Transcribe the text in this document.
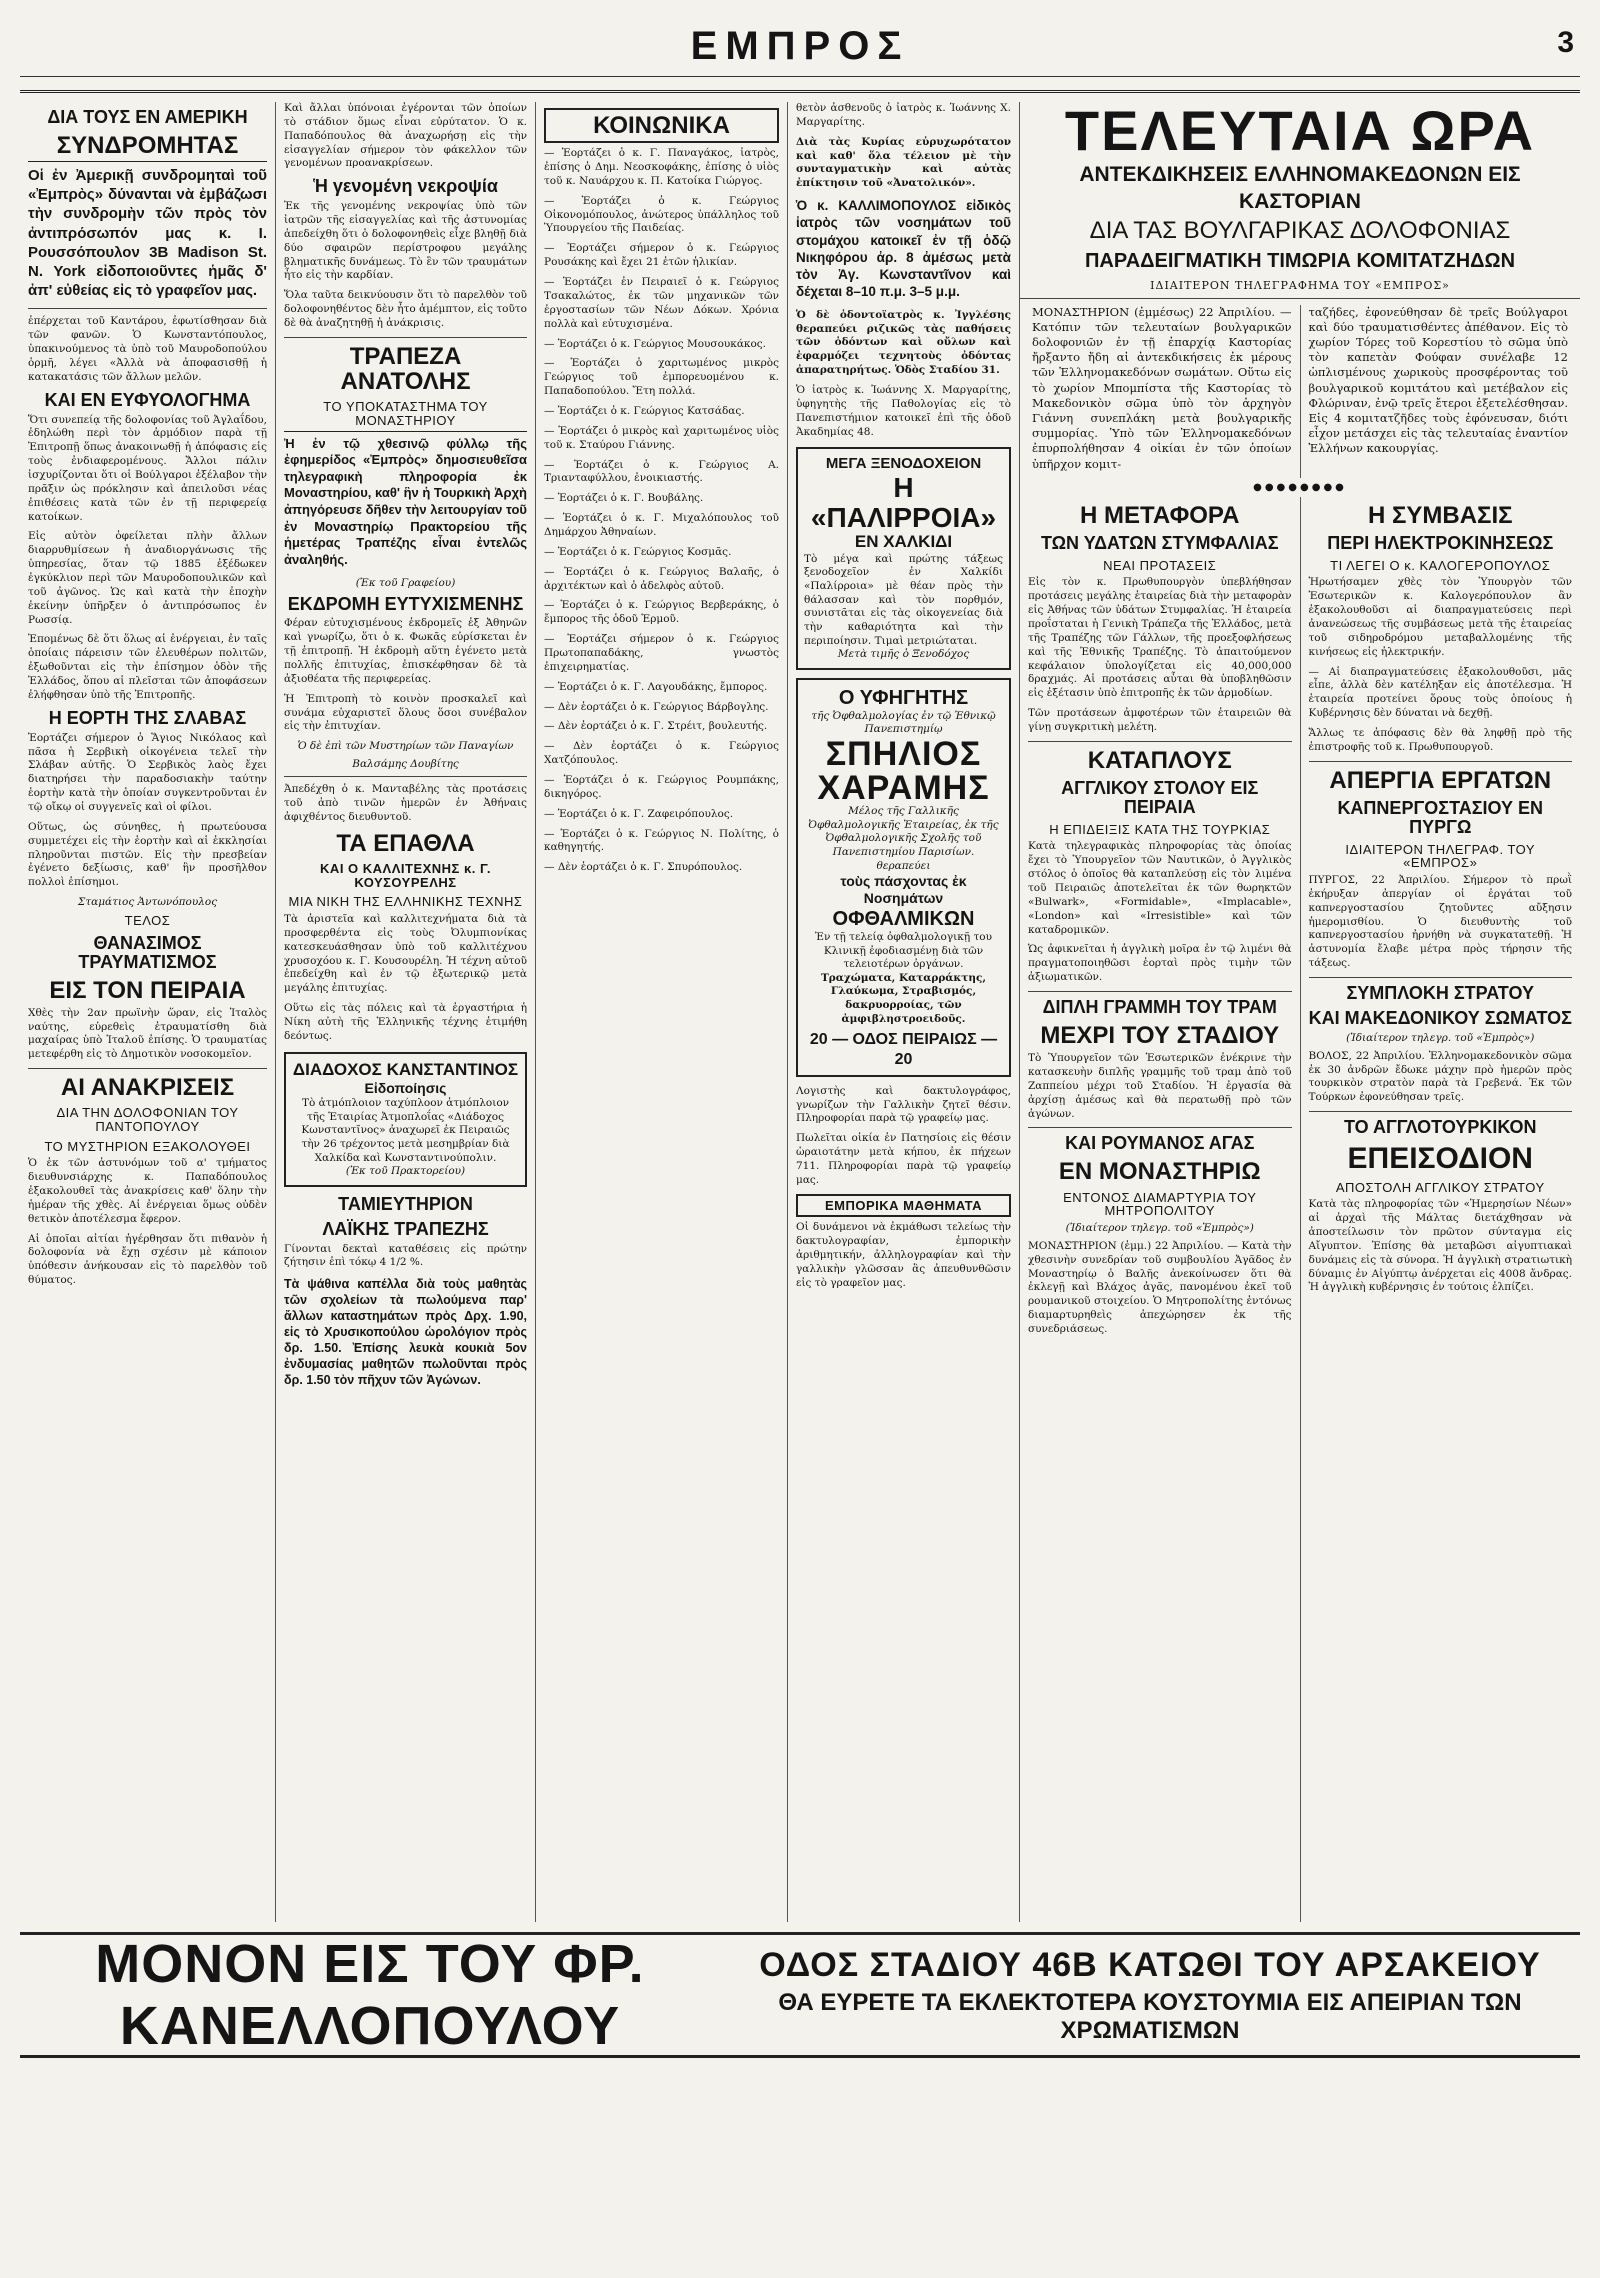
ΕΜΠΡΟΣ	3
ΔΙΑ ΤΟΥΣ ΕΝ ΑΜΕΡΙΚΗ
ΣΥΝΔΡΟΜΗΤΑΣ

Οἱ ἐν Ἀμερικῇ συνδρομηταὶ τοῦ «Ἐμπρὸς» δύνανται νὰ ἐμβάζωσι τὴν συνδρομὴν τῶν πρὸς τὸν ἀντιπρόσωπόν μας κ. Ι. Ρουσσόπουλον 3Β Madison St. N. York εἰδοποιοῦντες ἡμᾶς δ' ἀπ' εὐθείας εἰς τὸ γραφεῖον μας.

ἐπέρχεται τοῦ Καντάρου, ἐφωτίσθησαν διὰ τῶν φανῶν. Ὁ Κωνσταντόπουλος, ὑπακινούμενος τὰ ὑπὸ τοῦ Μαυροδοπούλου ὁρμῆ, λέγει «Ἀλλὰ νὰ ἀποφασισθῇ ἡ κατακατάσις τῶν ἄλλων μελῶν.

ΚΑΙ ΕΝ ΕΥΦΥΟΛΟΓΗΜΑ

Ὅτι συνεπείᾳ τῆς δολοφονίας τοῦ Ἀγλαΐδου, ἐδηλώθη περὶ τὸν ἀρμόδιον παρὰ τῇ Ἐπιτροπῇ ὅπως ἀνακοινωθῇ ἡ ἀπόφασις εἰς τοὺς ἐνδιαφερομένους. Ἄλλοι πάλιν ἰσχυρίζονται ὅτι οἱ Βούλγαροι ἐξέλαβον τὴν πρᾶξιν ὡς πρόκλησιν καὶ ἀπειλοῦσι νέας ἐπιθέσεις κατὰ τῶν ἐν τῇ περιφερείᾳ κατοίκων.

Εἰς αὐτὸν ὀφείλεται πλὴν ἄλλων διαρρυθμίσεων ἡ ἀναδιοργάνωσις τῆς ὑπηρεσίας, ὅταν τῷ 1885 ἐξέδωκεν ἐγκύκλιον περὶ τῶν Μαυροδοπουλικῶν καὶ τοῦ ἀγῶνος. Ὡς καὶ κατὰ τὴν ἐποχὴν ἐκείνην ὑπῆρξεν ὁ ἀντιπρόσωπος ἐν Ρωσσίᾳ.

Ἐπομένως δὲ ὅτι ὅλως αἱ ἐνέργειαι, ἐν ταῖς ὁποίαις πάρεισιν τῶν ἐλευθέρων πολιτῶν, ἐξωθοῦνται εἰς τὴν ἐπίσημον ὁδὸν τῆς Ἐλλάδος, ὅπου αἱ πλεῖσται τῶν ἀποφάσεων ἐλήφθησαν ὑπὸ τῆς Ἐπιτροπῆς.

Η ΕΟΡΤΗ ΤΗΣ ΣΛΑΒΑΣ

Ἑορτάζει σήμερον ὁ Ἅγιος Νικόλαος καὶ πᾶσα ἡ Σερβικὴ οἰκογένεια τελεῖ τὴν Σλάβαν αὐτῆς. Ὁ Σερβικὸς λαὸς ἔχει διατηρήσει τὴν παραδοσιακὴν ταύτην ἑορτὴν κατὰ τὴν ὁποίαν συγκεντροῦνται ἐν τῷ οἴκῳ οἱ συγγενεῖς καὶ οἱ φίλοι.

Οὕτως, ὡς σύνηθες, ἡ πρωτεύουσα συμμετέχει εἰς τὴν ἑορτὴν καὶ αἱ ἐκκλησίαι πληροῦνται πιστῶν. Εἰς τὴν πρεσβείαν ἐγένετο δεξίωσις, καθ' ἣν προσῆλθον πολλοὶ ἐπίσημοι.

Σταμάτιος Ἀντωνόπουλος
ΤΕΛΟΣ
ΘΑΝΑΣΙΜΟΣ ΤΡΑΥΜΑΤΙΣΜΟΣ
ΕΙΣ ΤΟΝ ΠΕΙΡΑΙΑ

Χθὲς τὴν 2αν πρωϊνὴν ὥραν, εἰς Ἰταλὸς ναύτης, εὑρεθεὶς ἐτραυματίσθη διὰ μαχαίρας ὑπὸ Ἰταλοῦ ἐπίσης. Ὁ τραυματίας μετεφέρθη εἰς τὸ Δημοτικὸν νοσοκομεῖον.

ΑΙ ΑΝΑΚΡΙΣΕΙΣ
ΔΙΑ ΤΗΝ ΔΟΛΟΦΟΝΙΑΝ ΤΟΥ ΠΑΝΤΟΠΟΥΛΟΥ
ΤΟ ΜΥΣΤΗΡΙΟΝ ΕΞΑΚΟΛΟΥΘΕΙ

Ὁ ἐκ τῶν ἀστυνόμων τοῦ α' τμήματος διευθυνσιάρχης κ. Παπαδόπουλος ἐξακολουθεῖ τὰς ἀνακρίσεις καθ' ὅλην τὴν ἡμέραν τῆς χθὲς. Αἱ ἐνέργειαι ὅμως οὐδὲν θετικὸν ἀποτέλεσμα ἔφερον.

Αἱ ὁποῖαι αἰτίαι ἠγέρθησαν ὅτι πιθανὸν ἡ δολοφονία νὰ ἔχῃ σχέσιν μὲ κάποιον ὑπόθεσιν ἀνήκουσαν εἰς τὸ παρελθὸν τοῦ θύματος.

Καὶ ἄλλαι ὑπόνοιαι ἐγέρονται τῶν ὁποίων τὸ στάδιον ὅμως εἶναι εὐρύτατον. Ὁ κ. Παπαδόπουλος θὰ ἀναχωρήσῃ εἰς τὴν εἰσαγγελίαν σήμερον τὸν φάκελλον τῶν γενομένων προανακρίσεων.

Ἡ γενομένη νεκροψία

Ἐκ τῆς γενομένης νεκροψίας ὑπὸ τῶν ἰατρῶν τῆς εἰσαγγελίας καὶ τῆς ἀστυνομίας ἀπεδείχθη ὅτι ὁ δολοφονηθεὶς εἶχε βληθῇ διὰ δύο σφαιρῶν περίστροφου μεγάλης βληματικῆς δυνάμεως. Τὸ ἓν τῶν τραυμάτων ἦτο εἰς τὴν καρδίαν.

Ὅλα ταῦτα δεικνύουσιν ὅτι τὸ παρελθὸν τοῦ δολοφονηθέντος δὲν ἦτο ἀμέμπτον, εἰς τοῦτο δὲ θὰ ἀναζητηθῇ ἡ ἀνάκρισις.

ΤΡΑΠΕΖΑ ΑΝΑΤΟΛΗΣ
ΤΟ ΥΠΟΚΑΤΑΣΤΗΜΑ ΤΟΥ ΜΟΝΑΣΤΗΡΙΟΥ

Ἠ ἐν τῷ χθεσινῷ φύλλῳ τῆς ἐφημερίδος «Ἐμπρὸς» δημοσιευθεῖσα τηλεγραφικὴ πληροφορία ἐκ Μοναστηρίου, καθ' ἣν ἡ Τουρκικὴ Ἀρχὴ ἀπηγόρευσε δῆθεν τὴν λειτουργίαν τοῦ ἐν Μοναστηρίῳ Πρακτορείου τῆς ἡμετέρας Τραπέζης εἶναι ἐντελῶς ἀναληθής.

(Ἐκ τοῦ Γραφείου)
ΕΚΔΡΟΜΗ ΕΥΤΥΧΙΣΜΕΝΗΣ

Φέραν εὐτυχισμένους ἐκδρομεῖς ἐξ Ἀθηνῶν καὶ γνωρίζω, ὅτι ὁ κ. Φωκᾶς εὐρίσκεται ἐν τῇ ἐπιτροπῇ. Ἡ ἐκδρομὴ αὕτη ἐγένετο μετὰ πολλῆς ἐπιτυχίας, ἐπισκέφθησαν δὲ τὰ ἀξιοθέατα τῆς περιφερείας.

Ἡ Ἐπιτροπὴ τὸ κοινὸν προσκαλεῖ καὶ συνάμα εὐχαριστεῖ ὅλους ὅσοι συνέβαλον εἰς τὴν ἐπιτυχίαν.

Ὁ δὲ ἐπὶ τῶν Μυστηρίων τῶν Παναγίων
Βαλσάμης Δουβίτης

Ἀπεδέχθη ὁ κ. Μανταβέλης τὰς προτάσεις τοῦ ἀπὸ τινῶν ἡμερῶν ἐν Ἀθήναις ἀφιχθέντος διευθυντοῦ.

ΤΑ ΕΠΑΘΛΑ
ΚΑΙ Ο ΚΑΛΛΙΤΕΧΝΗΣ κ. Γ. ΚΟΥΣΟΥΡΕΛΗΣ
ΜΙΑ ΝΙΚΗ ΤΗΣ ΕΛΛΗΝΙΚΗΣ ΤΕΧΝΗΣ

Τὰ ἀριστεῖα καὶ καλλιτεχνήματα διὰ τὰ προσφερθέντα εἰς τοὺς Ὀλυμπιονίκας κατεσκευάσθησαν ὑπὸ τοῦ καλλιτέχνου χρυσοχόου κ. Γ. Κουσουρέλη. Ἡ τέχνη αὐτοῦ ἐπεδείχθη καὶ ἐν τῷ ἐξωτερικῷ μετὰ μεγάλης ἐπιτυχίας.

Οὕτω εἰς τὰς πόλεις καὶ τὰ ἐργαστήρια ἡ Νίκη αὐτὴ τῆς Ἑλληνικῆς τέχνης ἐτιμήθη δεόντως.

ΔΙΑΔΟΧΟΣ ΚΑΝΣΤΑΝΤΙΝΟΣ
Εἰδοποίησις
Τὸ ἀτμόπλοιον ταχύπλοον ἀτμόπλοιον τῆς Ἑταιρίας Ἀτμοπλοΐας «Διάδοχος Κωνσταντῖνος» ἀναχωρεῖ ἐκ Πειραιῶς τὴν 26 τρέχοντος μετὰ μεσημβρίαν διὰ Χαλκίδα καὶ Κωνσταντινούπολιν.
(Ἐκ τοῦ Πρακτορείου)
ΤΑΜΙΕΥΤΗΡΙΟΝ
ΛΑΪΚΗΣ ΤΡΑΠΕΖΗΣ

Γίνονται δεκταὶ καταθέσεις εἰς πρώτην ζήτησιν ἐπὶ τόκῳ 4 1/2 %.

Τὰ ψάθινα καπέλλα διὰ τοὺς μαθητὰς τῶν σχολείων τὰ πωλούμενα παρ' ἄλλων καταστημάτων πρὸς Δρχ. 1.90, εἰς τὸ Χρυσικοπούλου ὡρολόγιον πρὸς δρ. 1.50. Ἐπίσης λευκὰ κουκιὰ 5ον ἐνδυμασίας μαθητῶν πωλοῦνται πρὸς δρ. 1.50 τὸν πῆχυν τῶν Ἀγώνων.

ΚΟΙΝΩΝΙΚΑ

— Ἑορτάζει ὁ κ. Γ. Παναγάκος, ἰατρὸς, ἐπίσης ὁ Δημ. Νεοσκοφάκης, ἐπίσης ὁ υἱὸς τοῦ κ. Ναυάρχου κ. Π. Κατοίκα Γιώργος.

— Ἑορτάζει ὁ κ. Γεώργιος Οἰκονομόπουλος, ἀνώτερος ὑπάλληλος τοῦ Ὑπουργείου τῆς Παιδείας.

— Ἑορτάζει σήμερον ὁ κ. Γεώργιος Ρουσάκης καὶ ἔχει 21 ἐτῶν ἡλικίαν.

— Ἑορτάζει ἐν Πειραιεῖ ὁ κ. Γεώργιος Τσακαλώτος, ἐκ τῶν μηχανικῶν τῶν ἐργοστασίων τῶν Νέων Δόκων. Χρόνια πολλὰ καὶ εὐτυχισμένα.

— Ἑορτάζει ὁ κ. Γεώργιος Μουσουκάκος.

— Ἑορτάζει ὁ χαριτωμένος μικρὸς Γεώργιος τοῦ ἐμπορευομένου κ. Παπαδοπούλου. Ἔτη πολλά.

— Ἑορτάζει ὁ κ. Γεώργιος Κατσάδας.

— Ἑορτάζει ὁ μικρὸς καὶ χαριτωμένος υἱὸς τοῦ κ. Σταύρου Γιάννης.

— Ἑορτάζει ὁ κ. Γεώργιος Α. Τριανταφύλλου, ἐνοικιαστής.

— Ἑορτάζει ὁ κ. Γ. Βουβάλης.

— Ἑορτάζει ὁ κ. Γ. Μιχαλόπουλος τοῦ Δημάρχου Ἀθηναίων.

— Ἑορτάζει ὁ κ. Γεώργιος Κοσμᾶς.

— Ἑορτάζει ὁ κ. Γεώργιος Βαλαῆς, ὁ ἀρχιτέκτων καὶ ὁ ἀδελφὸς αὐτοῦ.

— Ἑορτάζει ὁ κ. Γεώργιος Βερβεράκης, ὁ ἔμπορος τῆς ὁδοῦ Ἑρμοῦ.

— Ἑορτάζει σήμερον ὁ κ. Γεώργιος Πρωτοπαπαδάκης, γνωστὸς ἐπιχειρηματίας.

— Ἑορτάζει ὁ κ. Γ. Λαγουδάκης, ἔμπορος.

— Δὲν ἑορτάζει ὁ κ. Γεώργιος Βάρβογλης.

— Δὲν ἑορτάζει ὁ κ. Γ. Στρέιτ, βουλευτής.

— Δὲν ἑορτάζει ὁ κ. Γεώργιος Χατζόπουλος.

— Ἑορτάζει ὁ κ. Γεώργιος Ρουμπάκης, δικηγόρος.

— Ἑορτάζει ὁ κ. Γ. Ζαφειρόπουλος.

— Ἑορτάζει ὁ κ. Γεώργιος Ν. Πολίτης, ὁ καθηγητής.

— Δὲν ἑορτάζει ὁ κ. Γ. Σπυρόπουλος.

θετὸν ἀσθενοῦς ὁ ἰατρὸς κ. Ἰωάννης Χ. Μαργαρίτης.

Διὰ τὰς Κυρίας εὐρυχωρότατον καὶ καθ' ὅλα τέλειον μὲ τὴν συνταγματικὴν καὶ αὐτὰς ἐπίκτησιν τοῦ «Ἀνατολικόν».

Ὁ κ. ΚΑΛΛΙΜΟΠΟΥΛΟΣ εἰδικὸς ἰατρὸς τῶν νοσημάτων τοῦ στομάχου κατοικεῖ ἐν τῇ ὁδῷ Νικηφόρου ἀρ. 8 ἀμέσως μετὰ τὸν Ἁγ. Κωνσταντῖνον καὶ δέχεται 8–10 π.μ. 3–5 μ.μ.

Ὁ δὲ ὀδοντοϊατρὸς κ. Ἰγγλέσης θεραπεύει ριζικῶς τὰς παθήσεις τῶν ὀδόντων καὶ οὔλων καὶ ἐφαρμόζει τεχνητοὺς ὀδόντας ἀπαρατηρήτως. Ὁδὸς Σταδίου 31.

Ὁ ἰατρὸς κ. Ἰωάννης Χ. Μαργαρίτης, ὑφηγητὴς τῆς Παθολογίας εἰς τὸ Πανεπιστήμιον κατοικεῖ ἐπὶ τῆς ὁδοῦ Ἀκαδημίας 48.

ΜΕΓΑ ΞΕΝΟΔΟΧΕΙΟΝ
Η «ΠΑΛΙΡΡΟΙΑ»
ΕΝ ΧΑΛΚΙΔΙ
Τὸ μέγα καὶ πρώτης τάξεως ξενοδοχεῖον ἐν Χαλκίδι «Παλίρροια» μὲ θέαν πρὸς τὴν θάλασσαν καὶ τὸν πορθμόν, συνιστᾶται εἰς τὰς οἰκογενείας διὰ τὴν καθαριότητα καὶ τὴν περιποίησιν. Τιμαὶ μετριώταται.
Μετὰ τιμῆς ὁ Ξενοδόχος
Ο ΥΦΗΓΗΤΗΣ
τῆς Ὀφθαλμολογίας ἐν τῷ Ἐθνικῷ Πανεπιστημίῳ
ΣΠΗΛΙΟΣ
ΧΑΡΑΜΗΣ
Μέλος τῆς Γαλλικῆς Ὀφθαλμολογικῆς Ἑταιρείας, ἐκ τῆς Ὀφθαλμολογικῆς Σχολῆς τοῦ Πανεπιστημίου Παρισίων.
θεραπεύει
τοὺς πάσχοντας ἐκ Νοσημάτων
ΟΦΘΑΛΜΙΚΩΝ
Ἐν τῇ τελείᾳ ὀφθαλμολογικῇ του Κλινικῇ ἐφοδιασμένῃ διὰ τῶν τελειοτέρων ὀργάνων.
Τραχώματα, Καταρράκτης, Γλαύκωμα, Στραβισμός, δακρυορροίας, τῶν ἀμφιβληστροειδοῦς.
20 — ΟΔΟΣ ΠΕΙΡΑΙΩΣ — 20

Λογιστὴς καὶ δακτυλογράφος, γνωρίζων τὴν Γαλλικὴν ζητεῖ θέσιν. Πληροφορίαι παρὰ τῷ γραφείῳ μας.

Πωλεῖται οἰκία ἐν Πατησίοις εἰς θέσιν ὡραιοτάτην μετὰ κήπου, ἐκ πήχεων 711. Πληροφορίαι παρὰ τῷ γραφείῳ μας.

ΕΜΠΟΡΙΚΑ ΜΑΘΗΜΑΤΑ

Οἱ δυνάμενοι νὰ ἐκμάθωσι τελείως τὴν δακτυλογραφίαν, ἐμπορικὴν ἀριθμητικήν, ἀλληλογραφίαν καὶ τὴν γαλλικὴν γλῶσσαν ἂς ἀπευθυνθῶσιν εἰς τὸ γραφεῖον μας.

ΤΕΛΕΥΤΑΙΑ ΩΡΑ
ΑΝΤΕΚΔΙΚΗΣΕΙΣ ΕΛΛΗΝΟΜΑΚΕΔΟΝΩΝ ΕΙΣ ΚΑΣΤΟΡΙΑΝ
ΔΙΑ ΤΑΣ ΒΟΥΛΓΑΡΙΚΑΣ ΔΟΛΟΦΟΝΙΑΣ
ΠΑΡΑΔΕΙΓΜΑΤΙΚΗ ΤΙΜΩΡΙΑ ΚΟΜΙΤΑΤΖΗΔΩΝ
ΙΔΙΑΙΤΕΡΟΝ ΤΗΛΕΓΡΑΦΗΜΑ ΤΟΥ «ΕΜΠΡΟΣ»

ΜΟΝΑΣΤΗΡΙΟΝ (ἐμμέσως) 22 Ἀπριλίου. — Κατόπιν τῶν τελευταίων βουλγαρικῶν δολοφονιῶν ἐν τῇ ἐπαρχίᾳ Καστορίας ἤρξαντο ἤδη αἱ ἀντεκδικήσεις ἐκ μέρους τῶν Ἑλληνομακεδόνων σωμάτων. Οὕτω εἰς τὸ χωρίον Μπομπίστα τῆς Καστορίας τὸ Μακεδονικὸν σῶμα ὑπὸ τὸν ἀρχηγὸν Γιάννη συνεπλάκη μετὰ βουλγαρικῆς συμμορίας. Ὑπὸ τῶν Ἑλληνομακεδόνων ἐπυρπολήθησαν 4 οἰκίαι ἐν τῶν ὁποίων ὑπῆρχον κομιτ-

ταζήδες, ἐφονεύθησαν δὲ τρεῖς Βούλγαροι καὶ δύο τραυματισθέντες ἀπέθανον. Εἰς τὸ χωρίον Τόρες τοῦ Κορεστίου τὸ σῶμα ὑπὸ τὸν καπετὰν Φούφαν συνέλαβε 12 ὡπλισμένους χωρικοὺς προσφέροντας τοῦ βουλγαρικοῦ κομιτάτου καὶ μετέβαλον εἰς Φλώριναν, ἐνῷ τρεῖς ἔτεροι ἐξετελέσθησαν. Εἰς 4 κομιτατζῆδες τοὺς ἐφόνευσαν, διότι εἶχον μετάσχει εἰς τὰς τελευταίας ἐναντίον Ἑλλήνων κακουργίας.

●●●●●●●●
Η ΜΕΤΑΦΟΡΑ
ΤΩΝ ΥΔΑΤΩΝ ΣΤΥΜΦΑΛΙΑΣ
ΝΕΑΙ ΠΡΟΤΑΣΕΙΣ

Εἰς τὸν κ. Πρωθυπουργὸν ὑπεβλήθησαν προτάσεις μεγάλης ἑταιρείας διὰ τὴν μεταφορὰν εἰς Ἀθήνας τῶν ὑδάτων Στυμφαλίας. Ἡ ἑταιρεία προΐσταται ἡ Γενικὴ Τράπεζα τῆς Ἑλλάδος, μετὰ τῆς Τραπέζης τῶν Γάλλων, τῆς προεξοφλήσεως καὶ τῆς Ἐθνικῆς Τραπέζης. Τὸ ἀπαιτούμενον κεφάλαιον ὑπολογίζεται εἰς 40,000,000 δραχμάς. Αἱ προτάσεις αὗται θὰ ὑποβληθῶσιν εἰς ἐξέτασιν ὑπὸ ἐπιτροπῆς ἐκ τῶν ἁρμοδίων.

Τῶν προτάσεων ἀμφοτέρων τῶν ἑταιρειῶν θὰ γίνῃ συγκριτικὴ μελέτη.

ΚΑΤΑΠΛΟΥΣ
ΑΓΓΛΙΚΟΥ ΣΤΟΛΟΥ ΕΙΣ ΠΕΙΡΑΙΑ
Η ΕΠΙΔΕΙΞΙΣ ΚΑΤΑ ΤΗΣ ΤΟΥΡΚΙΑΣ

Κατὰ τηλεγραφικὰς πληροφορίας τὰς ὁποίας ἔχει τὸ Ὑπουργεῖον τῶν Ναυτικῶν, ὁ Ἀγγλικὸς στόλος ὁ ὁποῖος θὰ καταπλεύσῃ εἰς τὸν λιμένα τοῦ Πειραιῶς ἀποτελεῖται ἐκ τῶν θωρηκτῶν «Bulwark», «Formidable», «Implacable», «London» καὶ «Irresistible» καὶ τῶν καταδρομικῶν.

Ὡς ἀφικνεῖται ἡ ἀγγλικὴ μοῖρα ἐν τῷ λιμένι θὰ πραγματοποιηθῶσι ἑορταὶ πρὸς τιμὴν τῶν ἀξιωματικῶν.

ΔΙΠΛΗ ΓΡΑΜΜΗ ΤΟΥ ΤΡΑΜ
ΜΕΧΡΙ ΤΟΥ ΣΤΑΔΙΟΥ

Τὸ Ὑπουργεῖον τῶν Ἐσωτερικῶν ἐνέκρινε τὴν κατασκευὴν διπλῆς γραμμῆς τοῦ τραμ ἀπὸ τοῦ Ζαππείου μέχρι τοῦ Σταδίου. Ἡ ἐργασία θὰ ἀρχίσῃ ἀμέσως καὶ θὰ περατωθῇ πρὸ τῶν ἀγώνων.

ΚΑΙ ΡΟΥΜΑΝΟΣ ΑΓΑΣ
ΕΝ ΜΟΝΑΣΤΗΡΙΩ
ΕΝΤΟΝΟΣ ΔΙΑΜΑΡΤΥΡΙΑ ΤΟΥ ΜΗΤΡΟΠΟΛΙΤΟΥ
(Ἰδιαίτερον τηλεγρ. τοῦ «Ἐμπρὸς»)

ΜΟΝΑΣΤΗΡΙΟΝ (ἐμμ.) 22 Ἀπριλίου. — Κατὰ τὴν χθεσινὴν συνεδρίαν τοῦ συμβουλίου Ἀγᾶδος ἐν Μοναστηρίῳ ὁ Βαλῆς ἀνεκοίνωσεν ὅτι θὰ ἐκλεγῇ καὶ Βλάχος ἀγᾶς, πανομένου ἐκεῖ τοῦ ρουμανικοῦ στοιχείου. Ὁ Μητροπολίτης ἐντόνως διαμαρτυρηθεὶς ἀπεχώρησεν ἐκ τῆς συνεδριάσεως.

Η ΣΥΜΒΑΣΙΣ
ΠΕΡΙ ΗΛΕΚΤΡΟΚΙΝΗΣΕΩΣ
ΤΙ ΛΕΓΕΙ Ο κ. ΚΑΛΟΓΕΡΟΠΟΥΛΟΣ

Ἠρωτήσαμεν χθὲς τὸν Ὑπουργὸν τῶν Ἐσωτερικῶν κ. Καλογερόπουλον ἂν ἐξακολουθοῦσι αἱ διαπραγματεύσεις περὶ ἀνανεώσεως τῆς συμβάσεως μετὰ τῆς ἑταιρείας τοῦ σιδηροδρόμου μεταβαλλομένης τῆς κινήσεως εἰς ἠλεκτρικήν.

— Αἱ διαπραγματεύσεις ἐξακολουθοῦσι, μᾶς εἶπε, ἀλλὰ δὲν κατέληξαν εἰς ἀποτέλεσμα. Ἡ ἑταιρεία προτείνει ὅρους τοὺς ὁποίους ἡ Κυβέρνησις δὲν δύναται νὰ δεχθῇ.

Ἄλλως τε ἀπόφασις δὲν θὰ ληφθῇ πρὸ τῆς ἐπιστροφῆς τοῦ κ. Πρωθυπουργοῦ.

ΑΠΕΡΓΙΑ ΕΡΓΑΤΩΝ
ΚΑΠΝΕΡΓΟΣΤΑΣΙΟΥ ΕΝ ΠΥΡΓΩ
ΙΔΙΑΙΤΕΡΟΝ ΤΗΛΕΓΡΑΦ. ΤΟΥ «ΕΜΠΡΟΣ»

ΠΥΡΓΟΣ, 22 Ἀπριλίου. Σήμερον τὸ πρωῒ ἐκήρυξαν ἀπεργίαν οἱ ἐργάται τοῦ καπνεργοστασίου ζητοῦντες αὔξησιν ἡμερομισθίου. Ὁ διευθυντὴς τοῦ καπνεργοστασίου ἠρνήθη νὰ συγκατατεθῇ. Ἡ ἀστυνομία ἔλαβε μέτρα πρὸς τήρησιν τῆς τάξεως.

ΣΥΜΠΛΟΚΗ ΣΤΡΑΤΟΥ
ΚΑΙ ΜΑΚΕΔΟΝΙΚΟΥ ΣΩΜΑΤΟΣ
(Ἰδιαίτερον τηλεγρ. τοῦ «Ἐμπρὸς»)

ΒΟΛΟΣ, 22 Ἀπριλίου. Ἑλληνομακεδονικὸν σῶμα ἐκ 30 ἀνδρῶν ἔδωκε μάχην πρὸ ἡμερῶν πρὸς τουρκικὸν στρατὸν παρὰ τὰ Γρεβενά. Ἐκ τῶν Τούρκων ἐφονεύθησαν τρεῖς.

ΤΟ ΑΓΓΛΟΤΟΥΡΚΙΚΟΝ
ΕΠΕΙΣΟΔΙΟΝ
ΑΠΟΣΤΟΛΗ ΑΓΓΛΙΚΟΥ ΣΤΡΑΤΟΥ

Κατὰ τὰς πληροφορίας τῶν «Ἡμερησίων Νέων» αἱ ἀρχαὶ τῆς Μάλτας διετάχθησαν νὰ ἀποστείλωσιν τὸν πρῶτον σύνταγμα εἰς Αἴγυπτον. Ἐπίσης θὰ μεταβῶσι αἰγυπτιακαὶ δυνάμεις εἰς τὰ σύνορα. Ἡ ἀγγλικὴ στρατιωτικὴ δύναμις ἐν Αἰγύπτῳ ἀνέρχεται εἰς 4008 ἄνδρας. Ἡ ἀγγλικὴ κυβέρνησις ἐν τούτοις ἐλπίζει.

ΜΟΝΟΝ ΕΙΣ ΤΟΥ ΦΡ. ΚΑΝΕΛΛΟΠΟΥΛΟΥ
ΟΔΟΣ ΣΤΑΔΙΟΥ 46Β ΚΑΤΩΘΙ ΤΟΥ ΑΡΣΑΚΕΙΟΥ
ΘΑ ΕΥΡΕΤΕ ΤΑ ΕΚΛΕΚΤΟΤΕΡΑ ΚΟΥΣΤΟΥΜΙΑ ΕΙΣ ΑΠΕΙΡΙΑΝ ΤΩΝ ΧΡΩΜΑΤΙΣΜΩΝ
